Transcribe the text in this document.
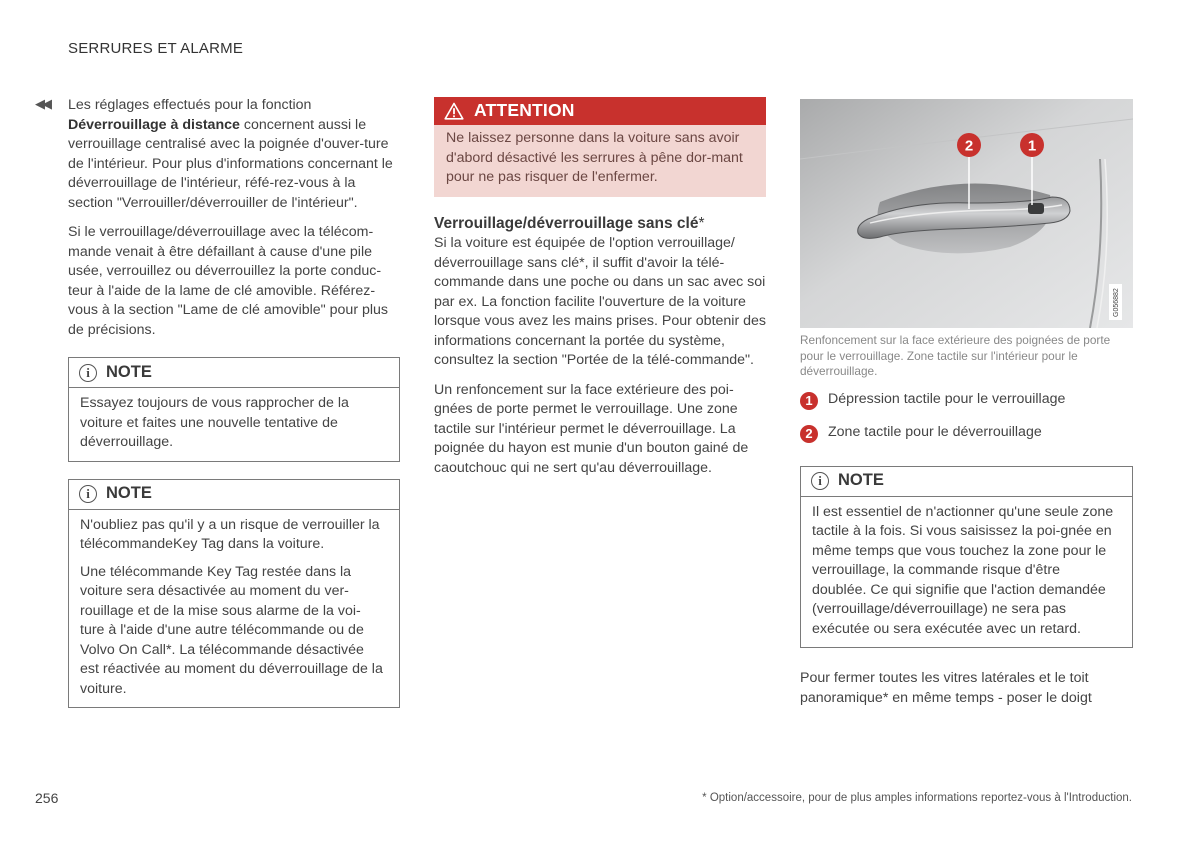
SERRURES ET ALARME
◀◀ Les réglages effectués pour la fonction Déverrouillage à distance concernent aussi le verrouillage centralisé avec la poignée d'ouver-ture de l'intérieur. Pour plus d'informations concernant le déverrouillage de l'intérieur, réfé-rez-vous à la section "Verrouiller/déverrouiller de l'intérieur".

Si le verrouillage/déverrouillage avec la télécom-mande venait à être défaillant à cause d'une pile usée, verrouillez ou déverrouillez la porte conduc-teur à l'aide de la lame de clé amovible. Référez-vous à la section "Lame de clé amovible" pour plus de précisions.

i NOTE

Essayez toujours de vous rapprocher de la voiture et faites une nouvelle tentative de déverrouillage.

i NOTE

N'oubliez pas qu'il y a un risque de verrouiller la télécommandeKey Tag dans la voiture.

Une télécommande Key Tag restée dans la voiture sera désactivée au moment du ver-rouillage et de la mise sous alarme de la voi-ture à l'aide d'une autre télécommande ou de Volvo On Call*. La télécommande désactivée est réactivée au moment du déverrouillage de la voiture.

ATTENTION
Ne laissez personne dans la voiture sans avoir d'abord désactivé les serrures à pêne dor-mant pour ne pas risquer de l'enfermer.
Verrouillage/déverrouillage sans clé*

Si la voiture est équipée de l'option verrouillage/ déverrouillage sans clé*, il suffit d'avoir la télé-commande dans une poche ou dans un sac avec soi par ex. La fonction facilite l'ouverture de la voiture lorsque vous avez les mains prises. Pour obtenir des informations concernant la portée du système, consultez la section "Portée de la télé-commande".

Un renfoncement sur la face extérieure des poi-gnées de porte permet le verrouillage. Une zone tactile sur l'intérieur permet le déverrouillage. La poignée du hayon est munie d'un bouton gainé de caoutchouc qui ne sert qu'au déverrouillage.

2	1
G056882
Renfoncement sur la face extérieure des poignées de porte pour le verrouillage. Zone tactile sur l'intérieur pour le déverrouillage.
1	Dépression tactile pour le verrouillage
2	Zone tactile pour le déverrouillage
i NOTE

Il est essentiel de n'actionner qu'une seule zone tactile à la fois. Si vous saisissez la poi-gnée en même temps que vous touchez la zone pour le verrouillage, la commande risque d'être doublée. Ce qui signifie que l'action demandée (verrouillage/déverrouillage) ne sera pas exécutée ou sera exécutée avec un retard.

Pour fermer toutes les vitres latérales et le toit panoramique* en même temps - poser le doigt

256	* Option/accessoire, pour de plus amples informations reportez-vous à l'Introduction.
